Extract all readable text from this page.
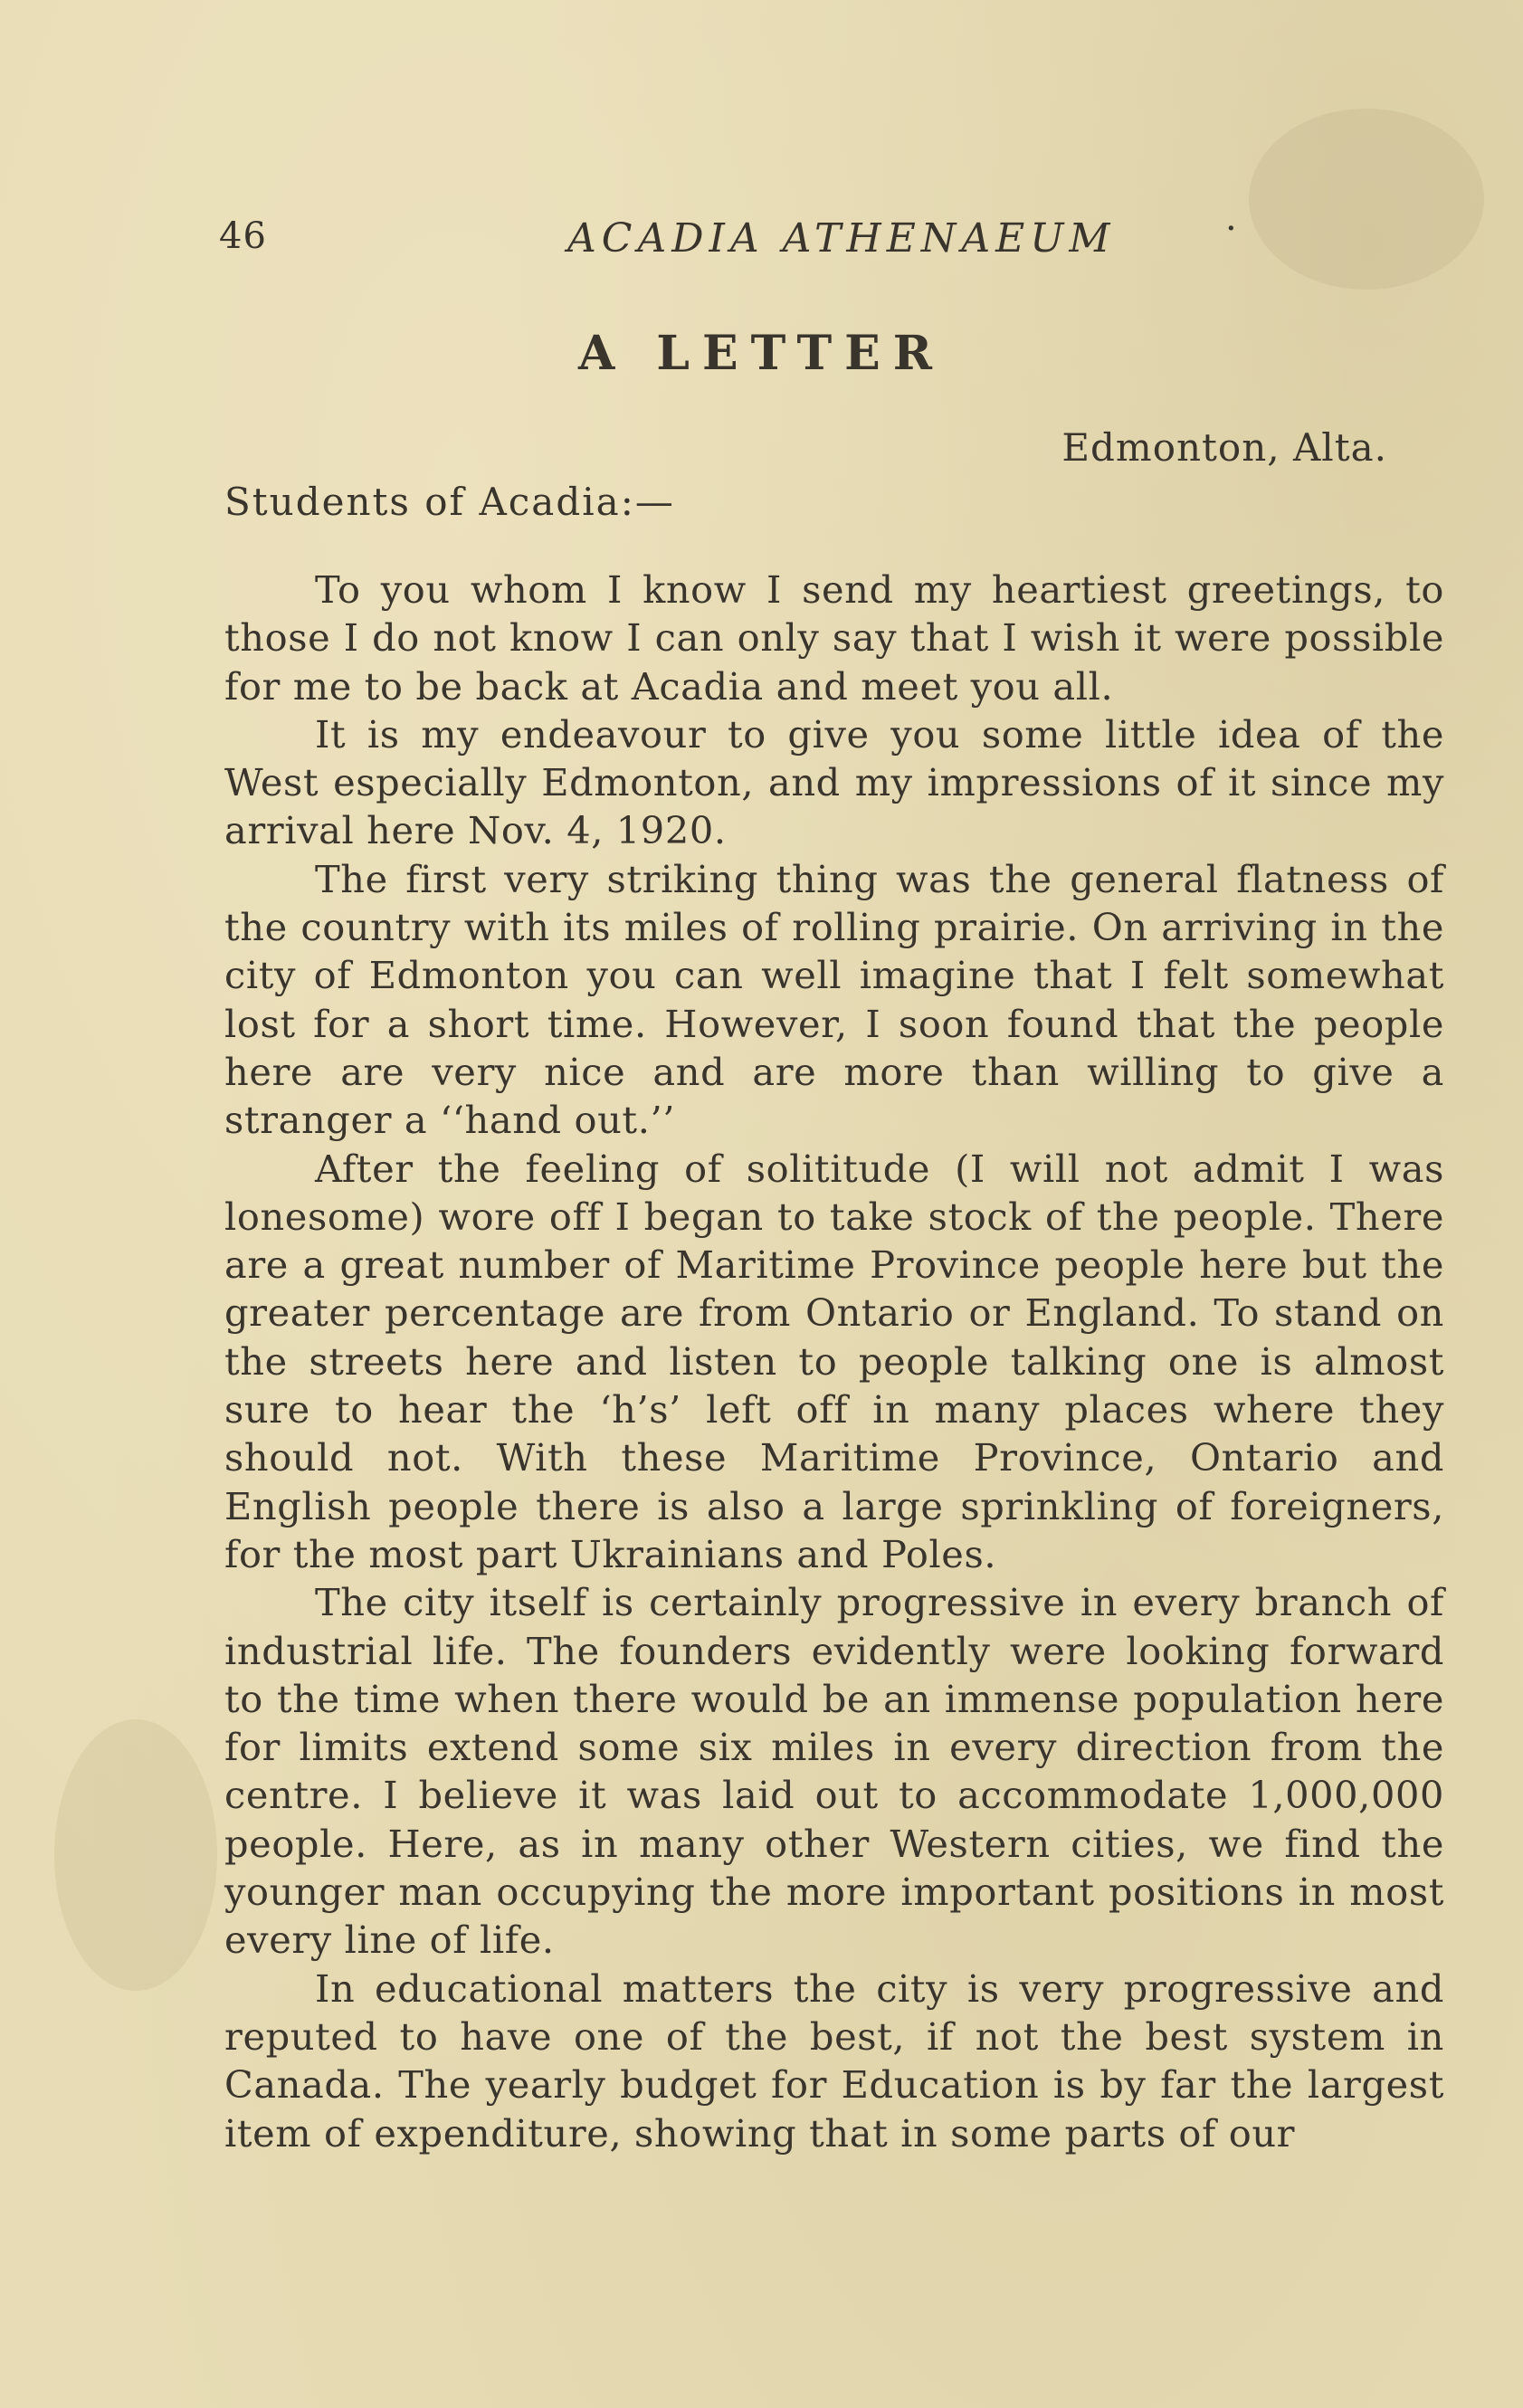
46	ACADIA ATHENAEUM	·
A LETTER
Edmonton, Alta.
Students of Acadia:—

To you whom I know I send my heartiest greetings, to those I do not know I can only say that I wish it were possible for me to be back at Acadia and meet you all.

It is my endeavour to give you some little idea of the West especially Edmonton, and my impressions of it since my arrival here Nov. 4, 1920.

The first very striking thing was the general flatness of the country with its miles of rolling prairie. On arriving in the city of Edmonton you can well imagine that I felt somewhat lost for a short time. However, I soon found that the people here are very nice and are more than willing to give a stranger a ‘‘hand out.’’

After the feeling of solititude (I will not admit I was lonesome) wore off I began to take stock of the people. There are a great number of Maritime Province people here but the greater percentage are from Ontario or England. To stand on the streets here and listen to people talking one is almost sure to hear the ‘h’s’ left off in many places where they should not. With these Maritime Province, Ontario and English people there is also a large sprinkling of foreigners, for the most part Ukrainians and Poles.

The city itself is certainly progressive in every branch of industrial life. The founders evidently were looking forward to the time when there would be an immense population here for limits extend some six miles in every direction from the centre. I believe it was laid out to accommodate 1,000,000 people. Here, as in many other Western cities, we find the younger man occupying the more important positions in most every line of life.

In educational matters the city is very progressive and reputed to have one of the best, if not the best system in Canada. The yearly budget for Education is by far the largest item of expenditure, showing that in some parts of our
